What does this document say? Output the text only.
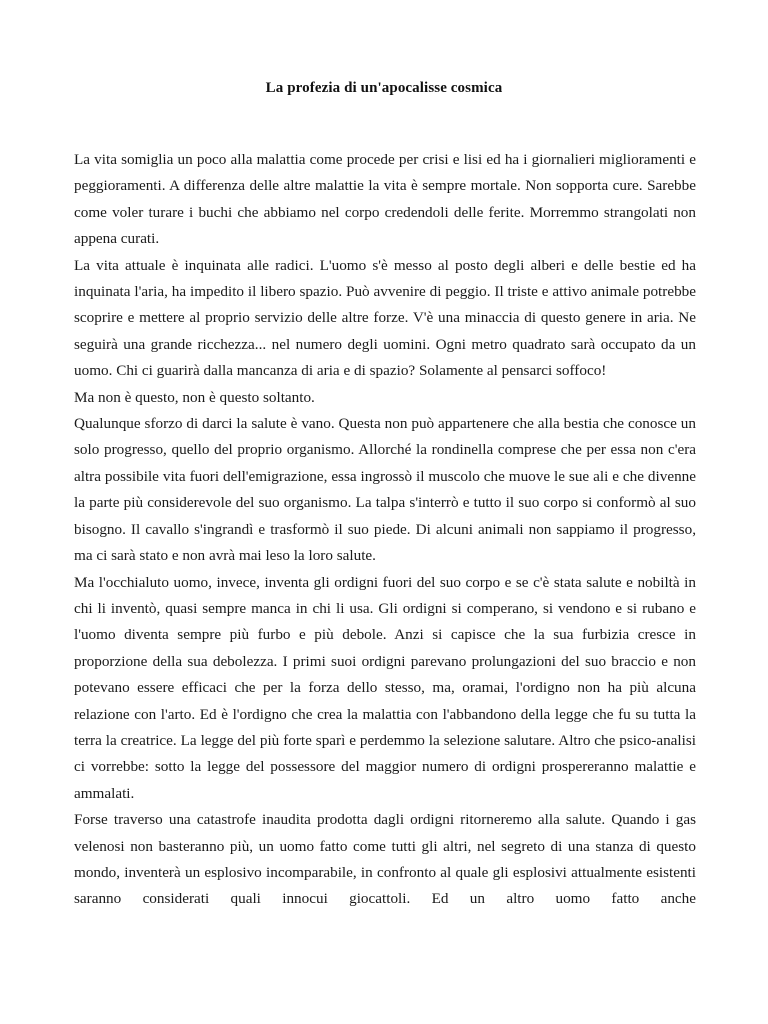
La profezia di un'apocalisse cosmica

La vita somiglia un poco alla malattia come procede per crisi e lisi ed ha i giornalieri miglioramenti e peggioramenti. A differenza delle altre malattie la vita è sempre mortale. Non sopporta cure. Sarebbe come voler turare i buchi che abbiamo nel corpo credendoli delle ferite. Morremmo strangolati non appena curati.

La vita attuale è inquinata alle radici. L'uomo s'è messo al posto degli alberi e delle bestie ed ha inquinata l'aria, ha impedito il libero spazio. Può avvenire di peggio. Il triste e attivo animale potrebbe scoprire e mettere al proprio servizio delle altre forze. V'è una minaccia di questo genere in aria. Ne seguirà una grande ricchezza... nel numero degli uomini. Ogni metro quadrato sarà occupato da un uomo. Chi ci guarirà dalla mancanza di aria e di spazio? Solamente al pensarci soffoco!

Ma non è questo, non è questo soltanto.

Qualunque sforzo di darci la salute è vano. Questa non può appartenere che alla bestia che conosce un solo progresso, quello del proprio organismo. Allorché la rondinella comprese che per essa non c'era altra possibile vita fuori dell'emigrazione, essa ingrossò il muscolo che muove le sue ali e che divenne la parte più considerevole del suo organismo. La talpa s'interrò e tutto il suo corpo si conformò al suo bisogno. Il cavallo s'ingrandì e trasformò il suo piede. Di alcuni animali non sappiamo il progresso, ma ci sarà stato e non avrà mai leso la loro salute.

Ma l'occhialuto uomo, invece, inventa gli ordigni fuori del suo corpo e se c'è stata salute e nobiltà in chi li inventò, quasi sempre manca in chi li usa. Gli ordigni si comperano, si vendono e si rubano e l'uomo diventa sempre più furbo e più debole. Anzi si capisce che la sua furbizia cresce in proporzione della sua debolezza. I primi suoi ordigni parevano prolungazioni del suo braccio e non potevano essere efficaci che per la forza dello stesso, ma, oramai, l'ordigno non ha più alcuna relazione con l'arto. Ed è l'ordigno che crea la malattia con l'abbandono della legge che fu su tutta la terra la creatrice. La legge del più forte sparì e perdemmo la selezione salutare. Altro che psico-analisi ci vorrebbe: sotto la legge del possessore del maggior numero di ordigni prospereranno malattie e ammalati.

Forse traverso una catastrofe inaudita prodotta dagli ordigni ritorneremo alla salute. Quando i gas velenosi non basteranno più, un uomo fatto come tutti gli altri, nel segreto di una stanza di questo mondo, inventerà un esplosivo incomparabile, in confronto al quale gli esplosivi attualmente esistenti saranno considerati quali innocui giocattoli. Ed un altro uomo fatto anche
